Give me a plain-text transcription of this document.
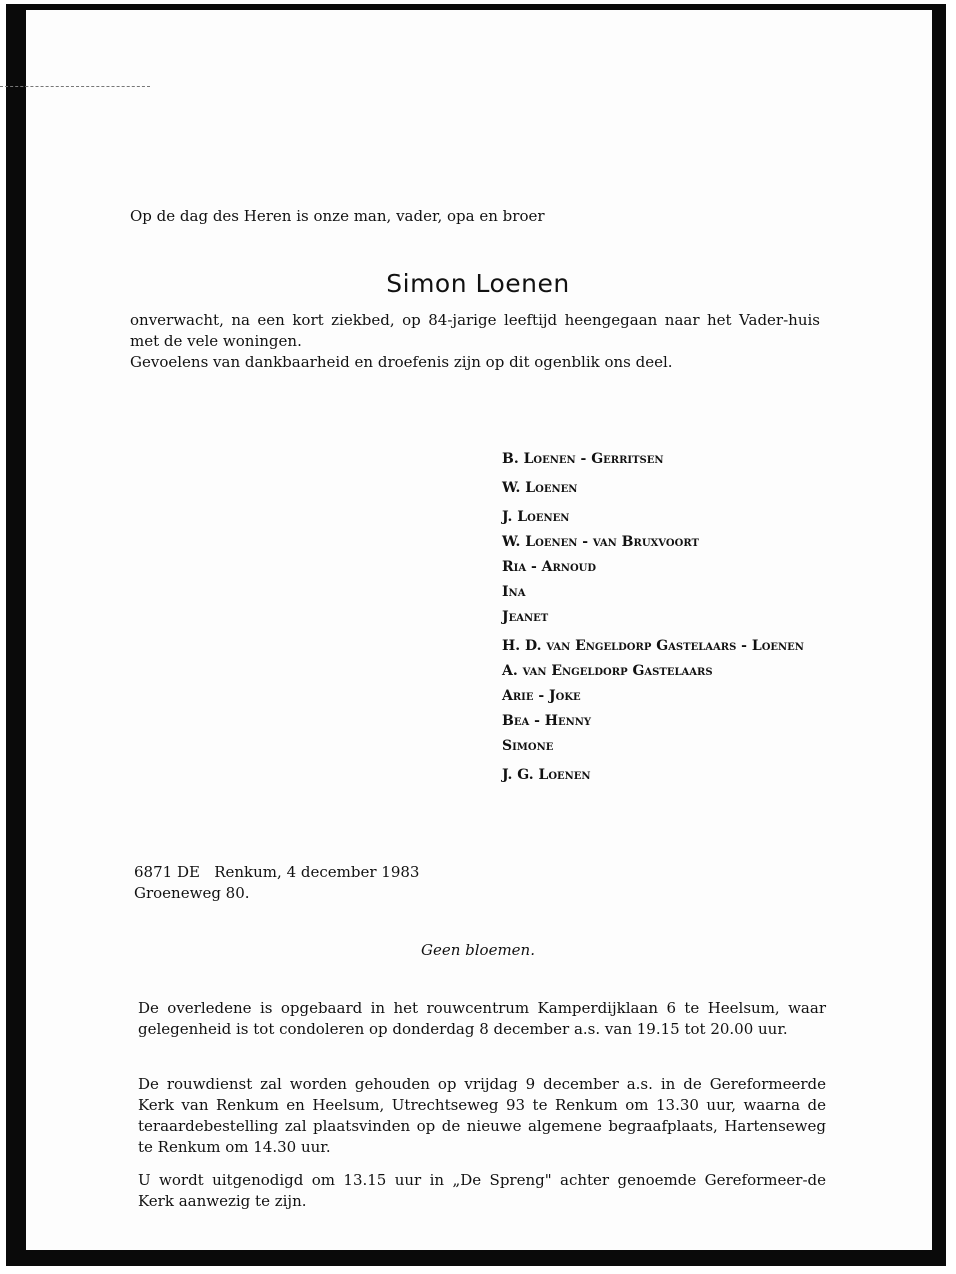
Op de dag des Heren is onze man, vader, opa en broer

Simon Loenen

onverwacht, na een kort ziekbed, op 84-jarige leeftijd heengegaan naar het Vader-huis met de vele woningen.
Gevoelens van dankbaarheid en droefenis zijn op dit ogenblik ons deel.

B. Loenen - Gerritsen
W. Loenen
J. Loenen
W. Loenen - van Bruxvoort
Ria - Arnoud
Ina
Jeanet
H. D. van Engeldorp Gastelaars - Loenen
A. van Engeldorp Gastelaars
Arie - Joke
Bea - Henny
Simone
J. G. Loenen

6871 DE   Renkum, 4 december 1983
Groeneweg 80.

Geen bloemen.

De overledene is opgebaard in het rouwcentrum Kamperdijklaan 6 te Heelsum, waar gelegenheid is tot condoleren op donderdag 8 december a.s. van 19.15 tot 20.00 uur.

De rouwdienst zal worden gehouden op vrijdag 9 december a.s. in de Gereformeerde Kerk van Renkum en Heelsum, Utrechtseweg 93 te Renkum om 13.30 uur, waarna de teraardebestelling zal plaatsvinden op de nieuwe algemene begraafplaats, Hartenseweg te Renkum om 14.30 uur.

U wordt uitgenodigd om 13.15 uur in „De Spreng" achter genoemde Gereformeer-de Kerk aanwezig te zijn.
